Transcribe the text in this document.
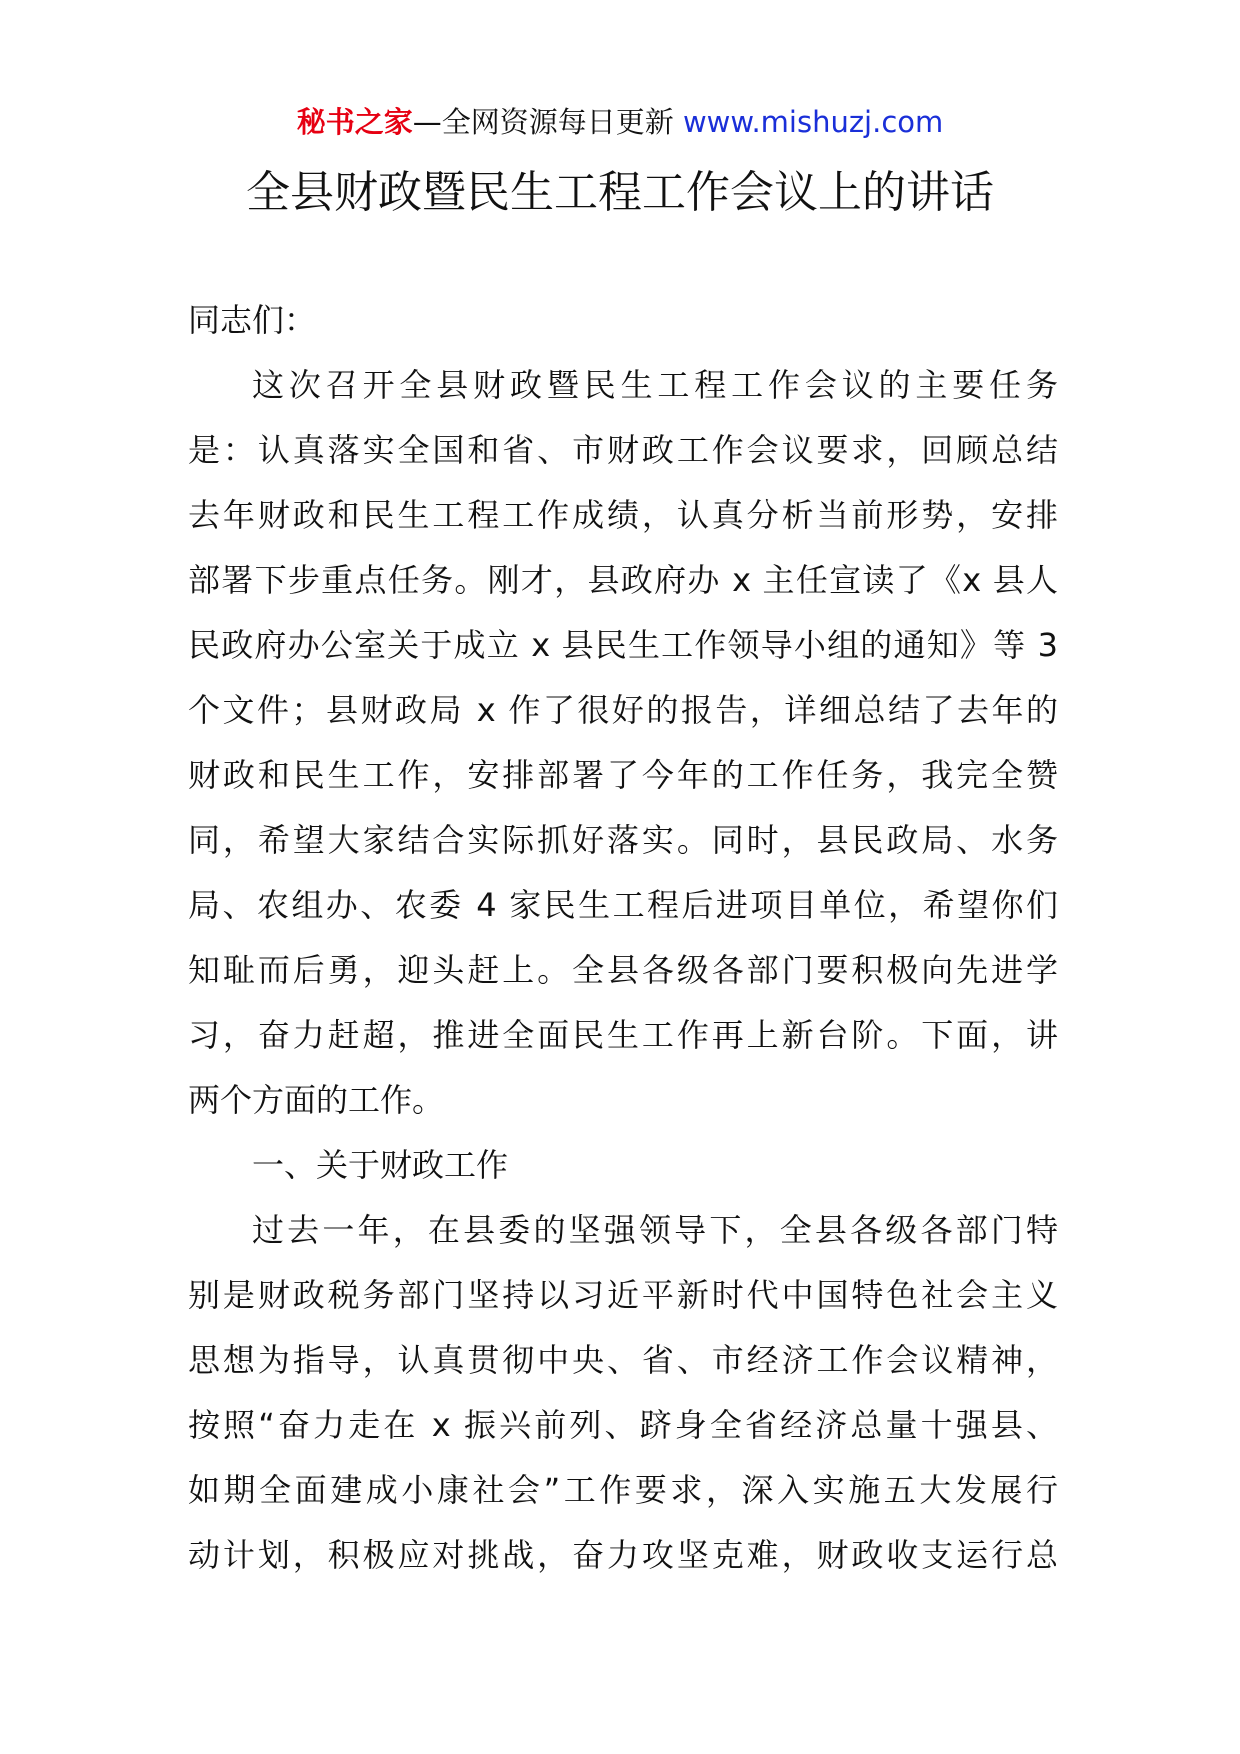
秘书之家—全网资源每日更新 www.mishuzj.com
全县财政暨民生工程工作会议上的讲话
同志们：
这次召开全县财政暨民生工程工作会议的主要任务
是：认真落实全国和省、市财政工作会议要求，回顾总结
去年财政和民生工程工作成绩，认真分析当前形势，安排
部署下步重点任务。刚才，县政府办 x 主任宣读了《x 县人
民政府办公室关于成立 x 县民生工作领导小组的通知》等 3
个文件；县财政局 x 作了很好的报告，详细总结了去年的
财政和民生工作，安排部署了今年的工作任务，我完全赞
同，希望大家结合实际抓好落实。同时，县民政局、水务
局、农组办、农委 4 家民生工程后进项目单位，希望你们
知耻而后勇，迎头赶上。全县各级各部门要积极向先进学
习，奋力赶超，推进全面民生工作再上新台阶。下面，讲
两个方面的工作。
一、关于财政工作
过去一年，在县委的坚强领导下，全县各级各部门特
别是财政税务部门坚持以习近平新时代中国特色社会主义
思想为指导，认真贯彻中央、省、市经济工作会议精神，
按照“奋力走在 x 振兴前列、跻身全省经济总量十强县、
如期全面建成小康社会”工作要求，深入实施五大发展行
动计划，积极应对挑战，奋力攻坚克难，财政收支运行总
